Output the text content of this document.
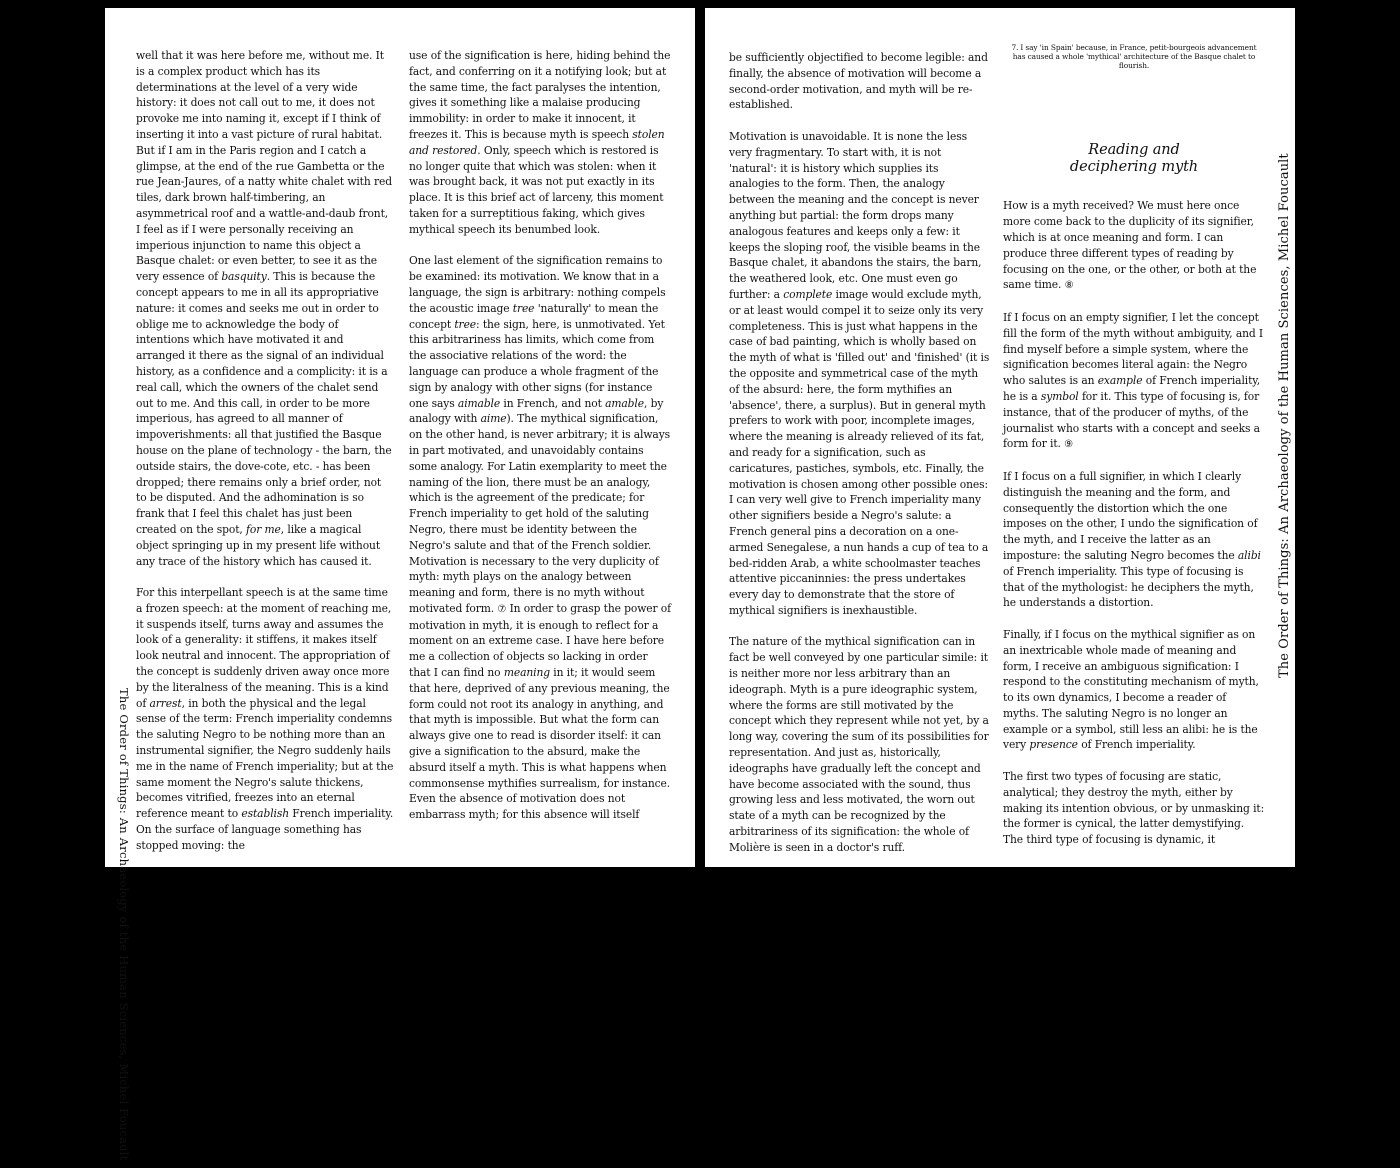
The Order of Things: An Archaeology of the Human Sciences, Michel Foucault

well that it was here before me, without me. It is a complex product which has its determinations at the level of a very wide history: it does not call out to me, it does not provoke me into naming it, except if I think of inserting it into a vast picture of rural habitat. But if I am in the Paris region and I catch a glimpse, at the end of the rue Gambetta or the rue Jean-Jaures, of a natty white chalet with red tiles, dark brown half-timbering, an asymmetrical roof and a wattle-and-daub front, I feel as if I were personally receiving an imperious injunction to name this object a Basque chalet: or even better, to see it as the very essence of basquity. This is because the concept appears to me in all its appropriative nature: it comes and seeks me out in order to oblige me to acknowledge the body of intentions which have motivated it and arranged it there as the signal of an individual history, as a confidence and a complicity: it is a real call, which the owners of the chalet send out to me. And this call, in order to be more imperious, has agreed to all manner of impoverishments: all that justified the Basque house on the plane of technology - the barn, the outside stairs, the dove-cote, etc. - has been dropped; there remains only a brief order, not to be disputed. And the adhomination is so frank that I feel this chalet has just been created on the spot, for me, like a magical object springing up in my present life without any trace of the history which has caused it.

For this interpellant speech is at the same time a frozen speech: at the moment of reaching me, it suspends itself, turns away and assumes the look of a generality: it stiffens, it makes itself look neutral and innocent. The appropriation of the concept is suddenly driven away once more by the literalness of the meaning. This is a kind of arrest, in both the physical and the legal sense of the term: French imperiality condemns the saluting Negro to be nothing more than an instrumental signifier, the Negro suddenly hails me in the name of French imperiality; but at the same moment the Negro's salute thickens, becomes vitrified, freezes into an eternal reference meant to establish French imperiality. On the surface of language something has stopped moving: the

use of the signification is here, hiding behind the fact, and conferring on it a notifying look; but at the same time, the fact paralyses the intention, gives it something like a malaise producing immobility: in order to make it innocent, it freezes it. This is because myth is speech stolen and restored. Only, speech which is restored is no longer quite that which was stolen: when it was brought back, it was not put exactly in its place. It is this brief act of larceny, this moment taken for a surreptitious faking, which gives mythical speech its benumbed look.

One last element of the signification remains to be examined: its motivation. We know that in a language, the sign is arbitrary: nothing compels the acoustic image tree 'naturally' to mean the concept tree: the sign, here, is unmotivated. Yet this arbitrariness has limits, which come from the associative relations of the word: the language can produce a whole fragment of the sign by analogy with other signs (for instance one says aimable in French, and not amable, by analogy with aime). The mythical signification, on the other hand, is never arbitrary; it is always in part motivated, and unavoidably contains some analogy. For Latin exemplarity to meet the naming of the lion, there must be an analogy, which is the agreement of the predicate; for French imperiality to get hold of the saluting Negro, there must be identity between the Negro's salute and that of the French soldier. Motivation is necessary to the very duplicity of myth: myth plays on the analogy between meaning and form, there is no myth without motivated form. ⑦ In order to grasp the power of motivation in myth, it is enough to reflect for a moment on an extreme case. I have here before me a collection of objects so lacking in order that I can find no meaning in it; it would seem that here, deprived of any previous meaning, the form could not root its analogy in anything, and that myth is impossible. But what the form can always give one to read is disorder itself: it can give a signification to the absurd, make the absurd itself a myth. This is what happens when commonsense mythifies surrealism, for instance. Even the absence of motivation does not embarrass myth; for this absence will itself

be sufficiently objectified to become legible: and finally, the absence of motivation will become a second-order motivation, and myth will be re-established.

Motivation is unavoidable. It is none the less very fragmentary. To start with, it is not 'natural': it is history which supplies its analogies to the form. Then, the analogy between the meaning and the concept is never anything but partial: the form drops many analogous features and keeps only a few: it keeps the sloping roof, the visible beams in the Basque chalet, it abandons the stairs, the barn, the weathered look, etc. One must even go further: a complete image would exclude myth, or at least would compel it to seize only its very completeness. This is just what happens in the case of bad painting, which is wholly based on the myth of what is 'filled out' and 'finished' (it is the opposite and symmetrical case of the myth of the absurd: here, the form mythifies an 'absence', there, a surplus). But in general myth prefers to work with poor, incomplete images, where the meaning is already relieved of its fat, and ready for a signification, such as caricatures, pastiches, symbols, etc. Finally, the motivation is chosen among other possible ones: I can very well give to French imperiality many other signifiers beside a Negro's salute: a French general pins a decoration on a one-armed Senegalese, a nun hands a cup of tea to a bed-ridden Arab, a white schoolmaster teaches attentive piccaninnies: the press undertakes every day to demonstrate that the store of mythical signifiers is inexhaustible.

The nature of the mythical signification can in fact be well conveyed by one particular simile: it is neither more nor less arbitrary than an ideograph. Myth is a pure ideographic system, where the forms are still motivated by the concept which they represent while not yet, by a long way, covering the sum of its possibilities for representation. And just as, historically, ideographs have gradually left the concept and have become associated with the sound, thus growing less and less motivated, the worn out state of a myth can be recognized by the arbitrariness of its signification: the whole of Molière is seen in a doctor's ruff.

7. I say 'in Spain' because, in France, petit-bourgeois advancement has caused a whole 'mythical' architecture of the Basque chalet to flourish.
Reading and
deciphering myth

How is a myth received? We must here once more come back to the duplicity of its signifier, which is at once meaning and form. I can produce three different types of reading by focusing on the one, or the other, or both at the same time. ⑧

If I focus on an empty signifier, I let the concept fill the form of the myth without ambiguity, and I find myself before a simple system, where the signification becomes literal again: the Negro who salutes is an example of French imperiality, he is a symbol for it. This type of focusing is, for instance, that of the producer of myths, of the journalist who starts with a concept and seeks a form for it. ⑨

If I focus on a full signifier, in which I clearly distinguish the meaning and the form, and consequently the distortion which the one imposes on the other, I undo the signification of the myth, and I receive the latter as an imposture: the saluting Negro becomes the alibi of French imperiality. This type of focusing is that of the mythologist: he deciphers the myth, he understands a distortion.

Finally, if I focus on the mythical signifier as on an inextricable whole made of meaning and form, I receive an ambiguous signification: I respond to the constituting mechanism of myth, to its own dynamics, I become a reader of myths. The saluting Negro is no longer an example or a symbol, still less an alibi: he is the very presence of French imperiality.

The first two types of focusing are static, analytical; they destroy the myth, either by making its intention obvious, or by unmasking it: the former is cynical, the latter demystifying. The third type of focusing is dynamic, it

The Order of Things: An Archaeology of the Human Sciences, Michel Foucault
